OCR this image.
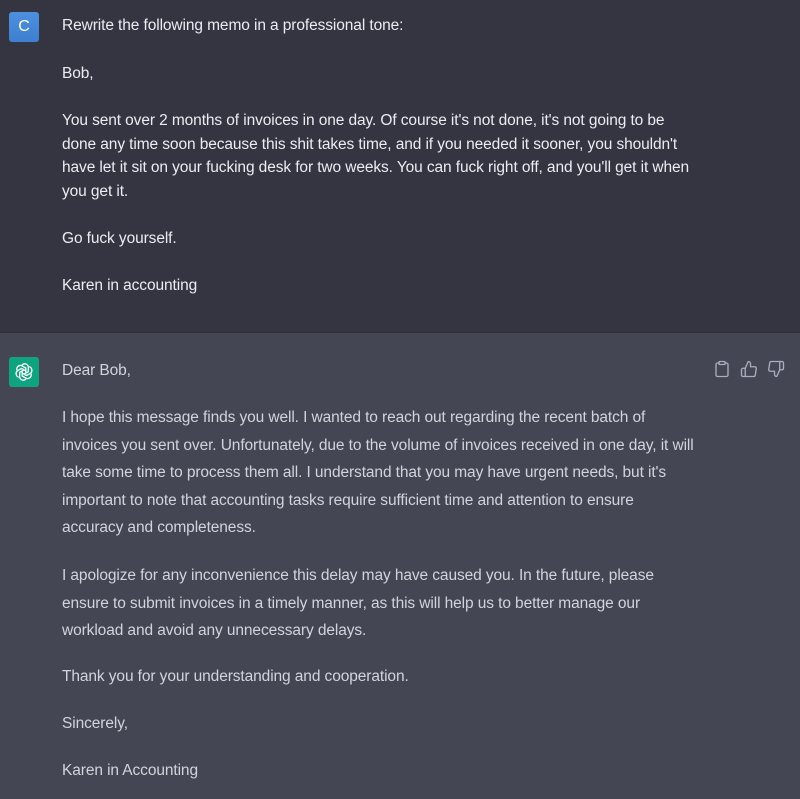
C	Rewrite the following memo in a professional tone:
Bob,
You sent over 2 months of invoices in one day. Of course it's not done, it's not going to be
done any time soon because this shit takes time, and if you needed it sooner, you shouldn't
have let it sit on your fucking desk for two weeks. You can fuck right off, and you'll get it when
you get it.
Go fuck yourself.
Karen in accounting
Dear Bob,
I hope this message finds you well. I wanted to reach out regarding the recent batch of
invoices you sent over. Unfortunately, due to the volume of invoices received in one day, it will
take some time to process them all. I understand that you may have urgent needs, but it's
important to note that accounting tasks require sufficient time and attention to ensure
accuracy and completeness.
I apologize for any inconvenience this delay may have caused you. In the future, please
ensure to submit invoices in a timely manner, as this will help us to better manage our
workload and avoid any unnecessary delays.
Thank you for your understanding and cooperation.
Sincerely,
Karen in Accounting
